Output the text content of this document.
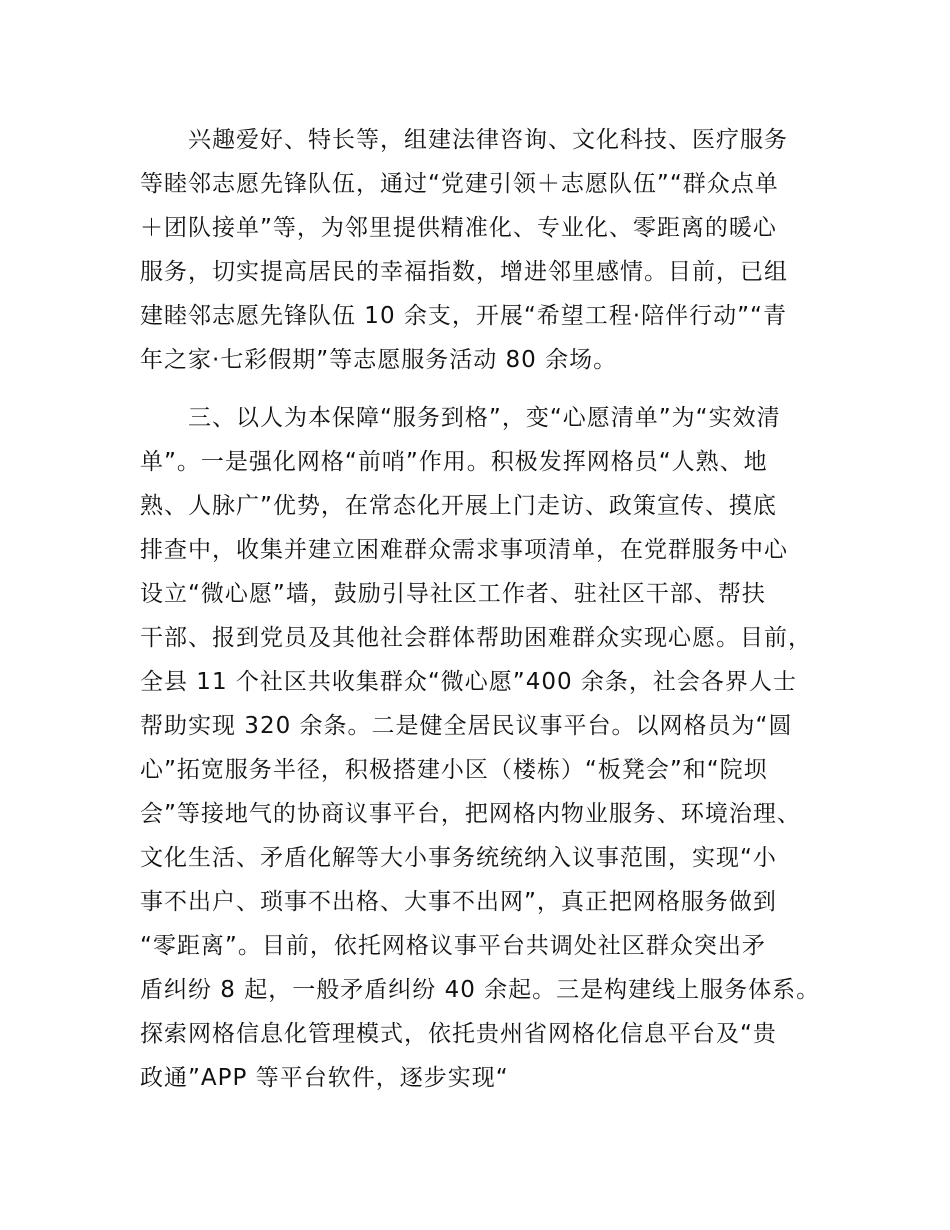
　　兴趣爱好、特长等，组建法律咨询、文化科技、医疗服务
等睦邻志愿先锋队伍，通过“党建引领＋志愿队伍”“群众点单
＋团队接单”等，为邻里提供精准化、专业化、零距离的暖心
服务，切实提高居民的幸福指数，增进邻里感情。目前，已组
建睦邻志愿先锋队伍 10 余支，开展“希望工程·陪伴行动”“青
年之家·七彩假期”等志愿服务活动 80 余场。

　　三、以人为本保障“服务到格”，变“心愿清单”为“实效清
单”。一是强化网格“前哨”作用。积极发挥网格员“人熟、地
熟、人脉广”优势，在常态化开展上门走访、政策宣传、摸底
排查中，收集并建立困难群众需求事项清单，在党群服务中心
设立“微心愿”墙，鼓励引导社区工作者、驻社区干部、帮扶
干部、报到党员及其他社会群体帮助困难群众实现心愿。目前，
全县 11 个社区共收集群众“微心愿”400 余条，社会各界人士
帮助实现 320 余条。二是健全居民议事平台。以网格员为“圆
心”拓宽服务半径，积极搭建小区（楼栋）“板凳会”和“院坝
会”等接地气的协商议事平台，把网格内物业服务、环境治理、
文化生活、矛盾化解等大小事务统统纳入议事范围，实现“小
事不出户、琐事不出格、大事不出网”，真正把网格服务做到
“零距离”。目前，依托网格议事平台共调处社区群众突出矛
盾纠纷 8 起，一般矛盾纠纷 40 余起。三是构建线上服务体系。
探索网格信息化管理模式，依托贵州省网格化信息平台及“贵
政通”APP 等平台软件，逐步实现“
